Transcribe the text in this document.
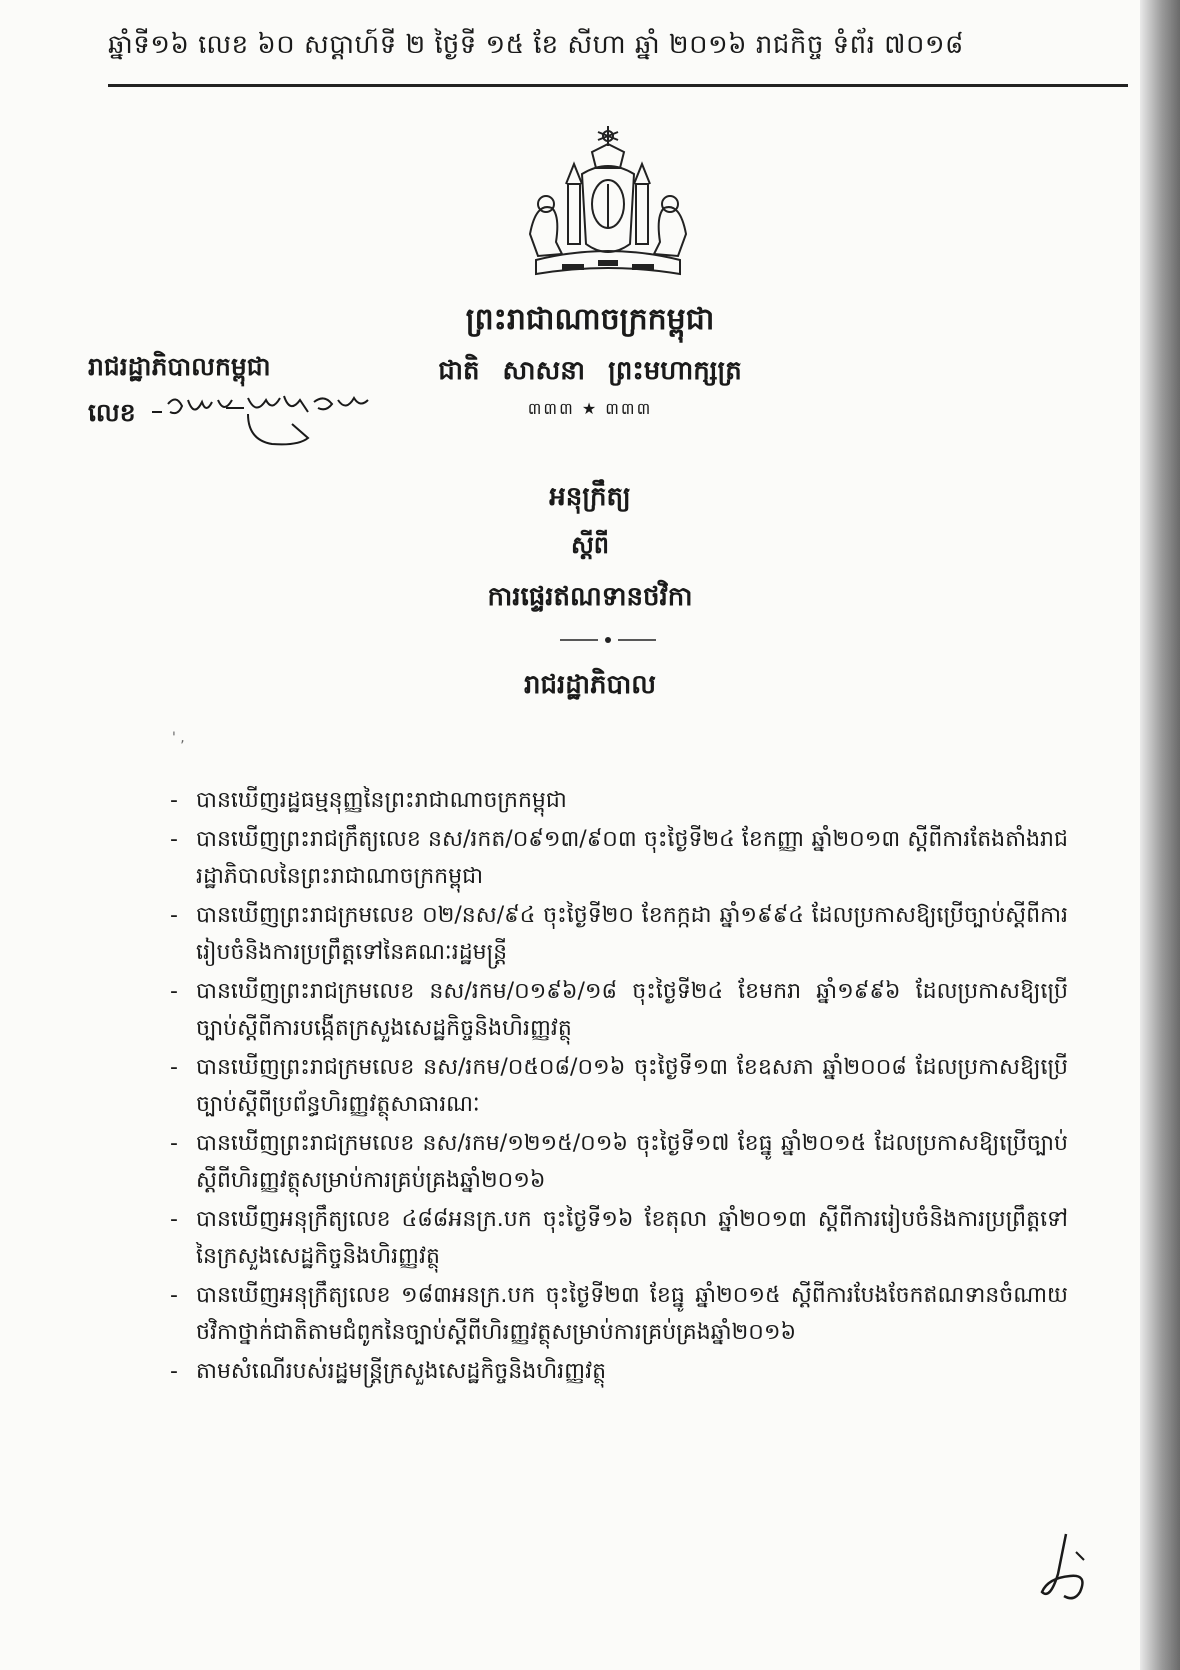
ឆ្នាំទី១៦ លេខ ៦០ សប្តាហ៍ទី ២ ថ្ងៃទី ១៥ ខែ សីហា ឆ្នាំ ២០១៦ រាជកិច្ច ទំព័រ ៧០១៨
ព្រះរាជាណាចក្រកម្ពុជា
ជាតិ សាសនា ព្រះមហាក្សត្រ
៣៣៣ ★ ៣៣៣
រាជរដ្ឋាភិបាលកម្ពុជា
លេខ
អនុក្រឹត្យ
ស្តីពី
ការផ្ទេរឥណទានថវិកា
រាជរដ្ឋាភិបាល
' ,
- បានឃើញរដ្ឋធម្មនុញ្ញនៃព្រះរាជាណាចក្រកម្ពុជា
- បានឃើញព្រះរាជក្រឹត្យលេខ នស/រកត/០៩១៣/៩០៣ ចុះថ្ងៃទី២៤ ខែកញ្ញា ឆ្នាំ២០១៣ ស្តីពីការតែងតាំងរាជរដ្ឋាភិបាលនៃព្រះរាជាណាចក្រកម្ពុជា
- បានឃើញព្រះរាជក្រមលេខ ០២/នស/៩៤ ចុះថ្ងៃទី២០ ខែកក្កដា ឆ្នាំ១៩៩៤ ដែលប្រកាសឱ្យប្រើច្បាប់ស្តីពីការរៀបចំនិងការប្រព្រឹត្តទៅនៃគណៈរដ្ឋមន្ត្រី
- បានឃើញព្រះរាជក្រមលេខ នស/រកម/០១៩៦/១៨ ចុះថ្ងៃទី២៤ ខែមករា ឆ្នាំ១៩៩៦ ដែលប្រកាសឱ្យប្រើច្បាប់ស្តីពីការបង្កើតក្រសួងសេដ្ឋកិច្ចនិងហិរញ្ញវត្ថុ
- បានឃើញព្រះរាជក្រមលេខ នស/រកម/០៥០៨/០១៦ ចុះថ្ងៃទី១៣ ខែឧសភា ឆ្នាំ២០០៨ ដែលប្រកាសឱ្យប្រើច្បាប់ស្តីពីប្រព័ន្ធហិរញ្ញវត្ថុសាធារណៈ
- បានឃើញព្រះរាជក្រមលេខ នស/រកម/១២១៥/០១៦ ចុះថ្ងៃទី១៧ ខែធ្នូ ឆ្នាំ២០១៥ ដែលប្រកាសឱ្យប្រើច្បាប់ស្តីពីហិរញ្ញវត្ថុសម្រាប់ការគ្រប់គ្រងឆ្នាំ២០១៦
- បានឃើញអនុក្រឹត្យលេខ ៤៨៨អនក្រ.បក ចុះថ្ងៃទី១៦ ខែតុលា ឆ្នាំ២០១៣ ស្តីពីការរៀបចំនិងការប្រព្រឹត្តទៅនៃក្រសួងសេដ្ឋកិច្ចនិងហិរញ្ញវត្ថុ
- បានឃើញអនុក្រឹត្យលេខ ១៨៣អនក្រ.បក ចុះថ្ងៃទី២៣ ខែធ្នូ ឆ្នាំ២០១៥ ស្តីពីការបែងចែកឥណទានចំណាយថវិកាថ្នាក់ជាតិតាមជំពូកនៃច្បាប់ស្តីពីហិរញ្ញវត្ថុសម្រាប់ការគ្រប់គ្រងឆ្នាំ២០១៦
- តាមសំណើរបស់រដ្ឋមន្ត្រីក្រសួងសេដ្ឋកិច្ចនិងហិរញ្ញវត្ថុ
